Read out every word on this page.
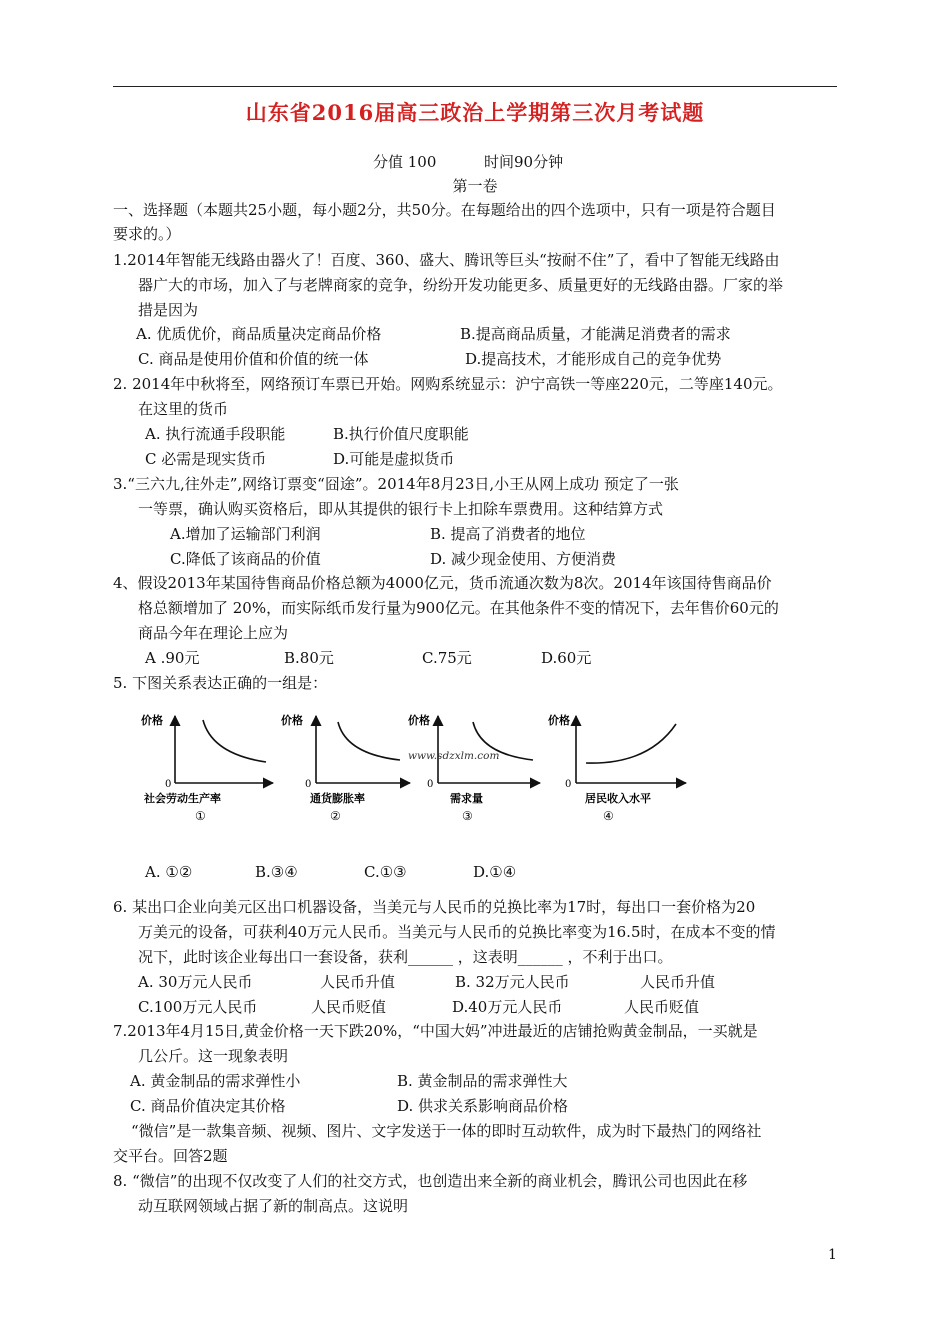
山东省2016届高三政治上学期第三次月考试题
分值 100	时间90分钟
第一卷
一、选择题（本题共25小题，每小题2分，共50分。在每题给出的四个选项中，只有一项是符合题目
要求的。）
1.2014年智能无线路由器火了！百度、360、盛大、腾讯等巨头“按耐不住”了，看中了智能无线路由
器广大的市场，加入了与老牌商家的竞争，纷纷开发功能更多、质量更好的无线路由器。厂家的举
措是因为
A. 优质优价，商品质量决定商品价格	B.提高商品质量，才能满足消费者的需求
C. 商品是使用价值和价值的统一体	D.提高技术，才能形成自己的竞争优势
2. 2014年中秋将至，网络预订车票已开始。网购系统显示：沪宁高铁一等座220元，二等座140元。
在这里的货币
A. 执行流通手段职能	B.执行价值尺度职能
C 必需是现实货币	D.可能是虚拟货币
3.“三六九,往外走”,网络订票变“囧途”。2014年8月23日,小王从网上成功 预定了一张
一等票，确认购买资格后，即从其提供的银行卡上扣除车票费用。这种结算方式
A.增加了运输部门利润	B. 提高了消费者的地位
C.降低了该商品的价值	D. 减少现金使用、方便消费
4、假设2013年某国待售商品价格总额为4000亿元，货币流通次数为8次。2014年该国待售商品价
格总额增加了 20%，而实际纸币发行量为900亿元。在其他条件不变的情况下，去年售价60元的
商品今年在理论上应为
A .90元	B.80元	C.75元	D.60元
5. 下图关系表达正确的一组是：
价格
0
社会劳动生产率
①
价格
0
通货膨胀率
②
价格
0
需求量
③
www.sdzxlm.com
价格
0
居民收入水平
④
A. ①②	B.③④	C.①③	D.①④
6. 某出口企业向美元区出口机器设备，当美元与人民币的兑换比率为17时，每出口一套价格为20
万美元的设备，可获利40万元人民币。当美元与人民币的兑换比率变为16.5时，在成本不变的情
况下，此时该企业每出口一套设备，获利______ ，这表明______ ，不利于出口。
A. 30万元人民币	人民币升值	B. 32万元人民币	人民币升值
C.100万元人民币	人民币贬值	D.40万元人民币	人民币贬值
7.2013年4月15日,黄金价格一天下跌20%，“中国大妈”冲进最近的店铺抢购黄金制品，一买就是
几公斤。这一现象表明
A. 黄金制品的需求弹性小	B. 黄金制品的需求弹性大
C. 商品价值决定其价格	D. 供求关系影响商品价格
“微信”是一款集音频、视频、图片、文字发送于一体的即时互动软件，成为时下最热门的网络社
交平台。回答2题
8. “微信”的出现不仅改变了人们的社交方式，也创造出来全新的商业机会，腾讯公司也因此在移
动互联网领域占据了新的制高点。这说明
1
